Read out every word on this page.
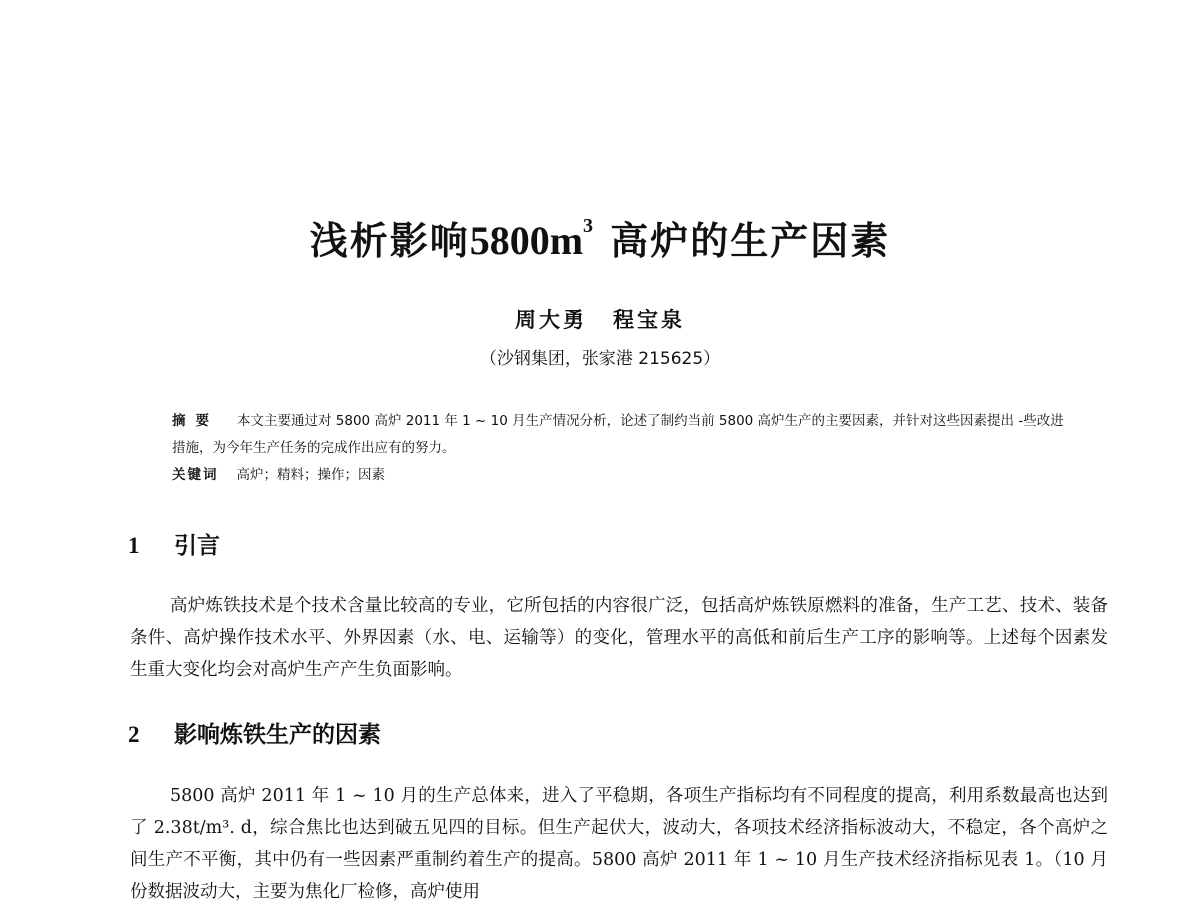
浅析影响$5800m^3$ 高炉的生产因素
周大勇 程宝泉
（沙钢集团，张家港 215625）

摘要 本文主要通过对 5800 高炉 2011 年 1 ~ 10 月生产情况分析，论述了制约当前 5800 高炉生产的主要因素，并针对这些因素提出 -些改进措施，为今年生产任务的完成作出应有的努力。

关键词 高炉；精料；操作；因素

1 引言

高炉炼铁技术是个技术含量比较高的专业，它所包括的内容很广泛，包括高炉炼铁原燃料的准备，生产工艺、技术、装备条件、高炉操作技术水平、外界因素（水、电、运输等）的变化，管理水平的高低和前后生产工序的影响等。上述每个因素发生重大变化均会对高炉生产产生负面影响。

2 影响炼铁生产的因素

5800 高炉 2011 年 1 ~ 10 月的生产总体来，进入了平稳期，各项生产指标均有不同程度的提高，利用系数最高也达到了 2.38t/m³. d，综合焦比也达到破五见四的目标。但生产起伏大，波动大，各项技术经济指标波动大，不稳定，各个高炉之间生产不平衡，其中仍有一些因素严重制约着生产的提高。5800 高炉 2011 年 1 ~ 10 月生产技术经济指标见表 1。（10 月份数据波动大，主要为焦化厂检修，高炉使用
